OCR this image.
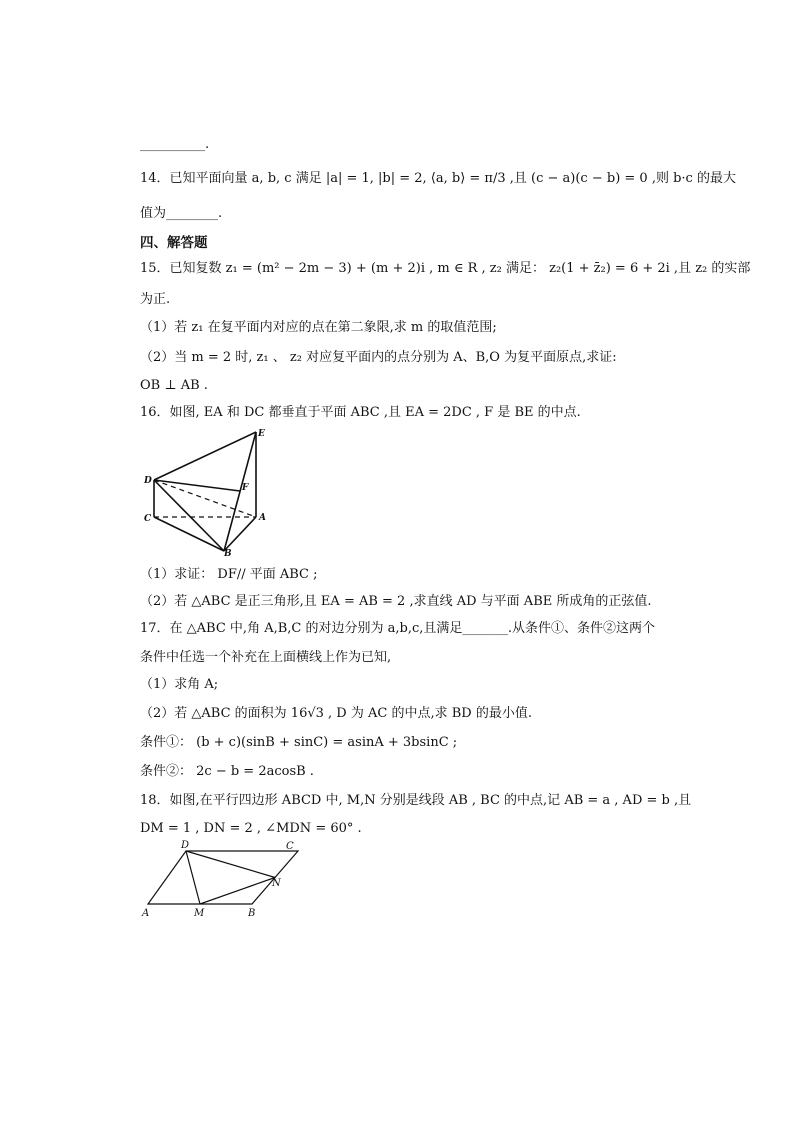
__________.
14．已知平面向量 a, b, c 满足 |a| = 1, |b| = 2, ⟨a, b⟩ = π/3 ,且 (c − a)(c − b) = 0 ,则 b·c 的最大
值为________.
四、解答题
15．已知复数 z₁ = (m² − 2m − 3) + (m + 2)i , m ∈ R , z₂ 满足： z₂(1 + z̄₂) = 6 + 2i ,且 z₂ 的实部
为正.
（1）若 z₁ 在复平面内对应的点在第二象限,求 m 的取值范围;
（2）当 m = 2 时, z₁ 、 z₂ 对应复平面内的点分别为 A、B,O 为复平面原点,求证:
OB ⊥ AB .
16．如图, EA 和 DC 都垂直于平面 ABC ,且 EA = 2DC , F 是 BE 的中点.
E
D
F
C	A
B
（1）求证： DF// 平面 ABC ;
（2）若 △ABC 是正三角形,且 EA = AB = 2 ,求直线 AD 与平面 ABE 所成角的正弦值.
17．在 △ABC 中,角 A,B,C 的对边分别为 a,b,c,且满足_______.从条件①、条件②这两个
条件中任选一个补充在上面横线上作为已知,
（1）求角 A;
（2）若 △ABC 的面积为 16√3 , D 为 AC 的中点,求 BD 的最小值.
条件①： (b + c)(sinB + sinC) = asinA + 3bsinC ;
条件②： 2c − b = 2acosB .
18．如图,在平行四边形 ABCD 中, M,N 分别是线段 AB , BC 的中点,记 AB = a , AD = b ,且
DM = 1 , DN = 2 , ∠MDN = 60° .
D	C
N
A	M	B
